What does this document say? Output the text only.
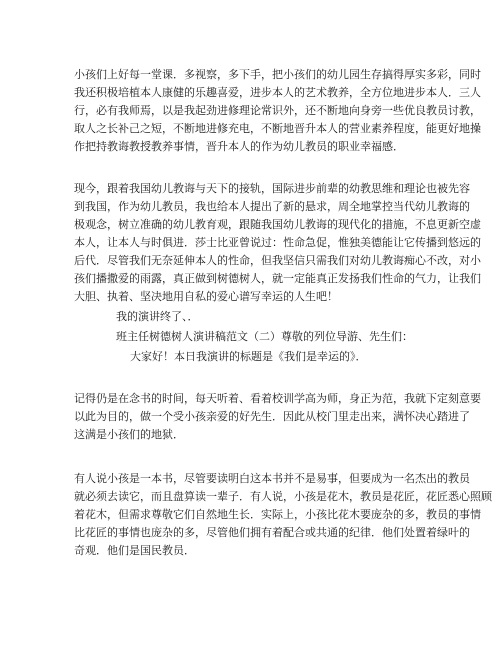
小孩们上好每一堂课．多视察，多下手，把小孩们的幼儿园生存搞得厚实多彩，同时

我还积极培植本人康健的乐趣喜爱，进步本人的艺术教养，全方位地进步本人．三人

行，必有我师焉，以是我起劲进修理论常识外，还不断地向身旁一些优良教员讨教，

取人之长补己之短，不断地进修充电，不断地晋升本人的营业素养程度，能更好地操

作把持教诲教授教养事情，晋升本人的作为幼儿教员的职业幸福感．

现今，跟着我国幼儿教诲与天下的接轨，国际进步前辈的幼教思维和理论也被先容

到我国，作为幼儿教员，我也给本人提出了新的悬求，周全地掌控当代幼儿教诲的

极观念，树立准确的幼儿教育观，跟随我国幼儿教诲的现代化的措施，不息更新空虚

本人，让本人与时俱进．莎士比亚曾说过：性命急促，惟独美德能让它传播到悠远的

后代．尽管我们无奈延伸本人的性命，但我坚信只需我们对幼儿教诲痴心不改，对小

孩们播撒爱的雨露，真正做到树德树人，就一定能真正发扬我们性命的气力，让我们

大胆、执着、坚决地用自私的爱心谱写幸运的人生吧！

我的演讲终了、．

班主任树德树人演讲稿范文（二）尊敬的列位导游、先生们：

大家好！本日我演讲的标题是《我们是幸运的》．

记得仍是在念书的时间，每天听着、看着校训学高为师，身正为范，我就下定刻意要

以此为目的，做一个受小孩亲爱的好先生．因此从校门里走出来，满怀决心踏进了

这满是小孩们的地狱．

有人说小孩是一本书，尽管要读明白这本书并不是易事，但要成为一名杰出的教员

就必须去读它，而且盘算读一辈子．有人说，小孩是花木，教员是花匠，花匠悉心照顾

着花木，但需求尊敬它们自然地生长．实际上，小孩比花木要庞杂的多，教员的事情

比花匠的事情也庞杂的多，尽管他们拥有着配合或共通的纪律．他们处置着绿叶的

奇观．他们是国民教员．
